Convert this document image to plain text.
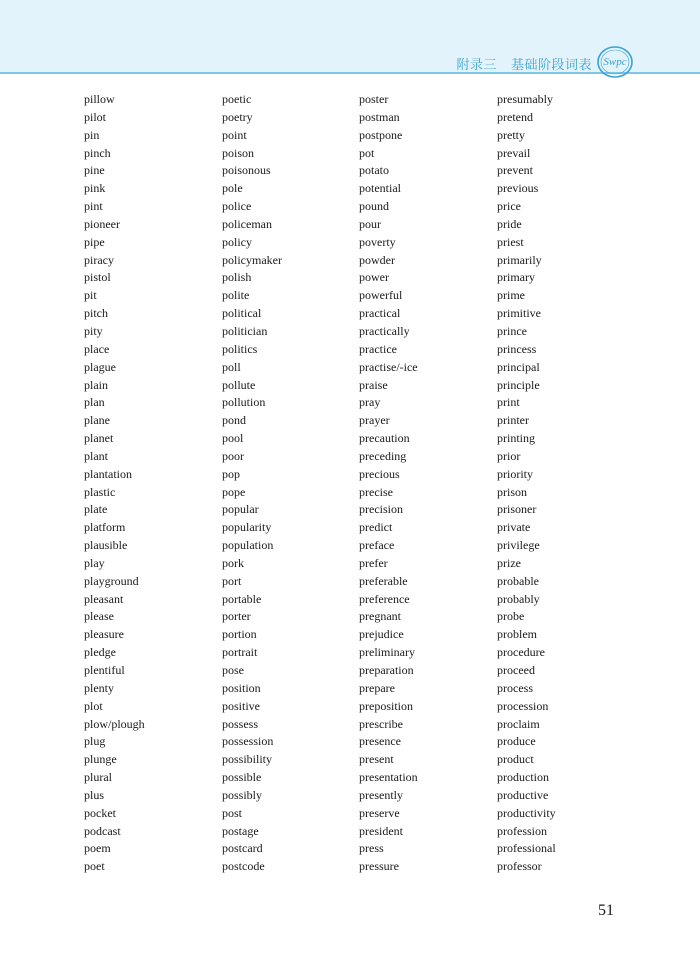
附录三 基础阶段词表 Swpc
pillow
pilot
pin
pinch
pine
pink
pint
pioneer
pipe
piracy
pistol
pit
pitch
pity
place
plague
plain
plan
plane
planet
plant
plantation
plastic
plate
platform
plausible
play
playground
pleasant
please
pleasure
pledge
plentiful
plenty
plot
plow/plough
plug
plunge
plural
plus
pocket
podcast
poem
poet
poetic
poetry
point
poison
poisonous
pole
police
policeman
policy
policymaker
polish
polite
political
politician
politics
poll
pollute
pollution
pond
pool
poor
pop
pope
popular
popularity
population
pork
port
portable
porter
portion
portrait
pose
position
positive
possess
possession
possibility
possible
possibly
post
postage
postcard
postcode
poster
postman
postpone
pot
potato
potential
pound
pour
poverty
powder
power
powerful
practical
practically
practice
practise/-ice
praise
pray
prayer
precaution
preceding
precious
precise
precision
predict
preface
prefer
preferable
preference
pregnant
prejudice
preliminary
preparation
prepare
preposition
prescribe
presence
present
presentation
presently
preserve
president
press
pressure
presumably
pretend
pretty
prevail
prevent
previous
price
pride
priest
primarily
primary
prime
primitive
prince
princess
principal
principle
print
printer
printing
prior
priority
prison
prisoner
private
privilege
prize
probable
probably
probe
problem
procedure
proceed
process
procession
proclaim
produce
product
production
productive
productivity
profession
professional
professor
51
